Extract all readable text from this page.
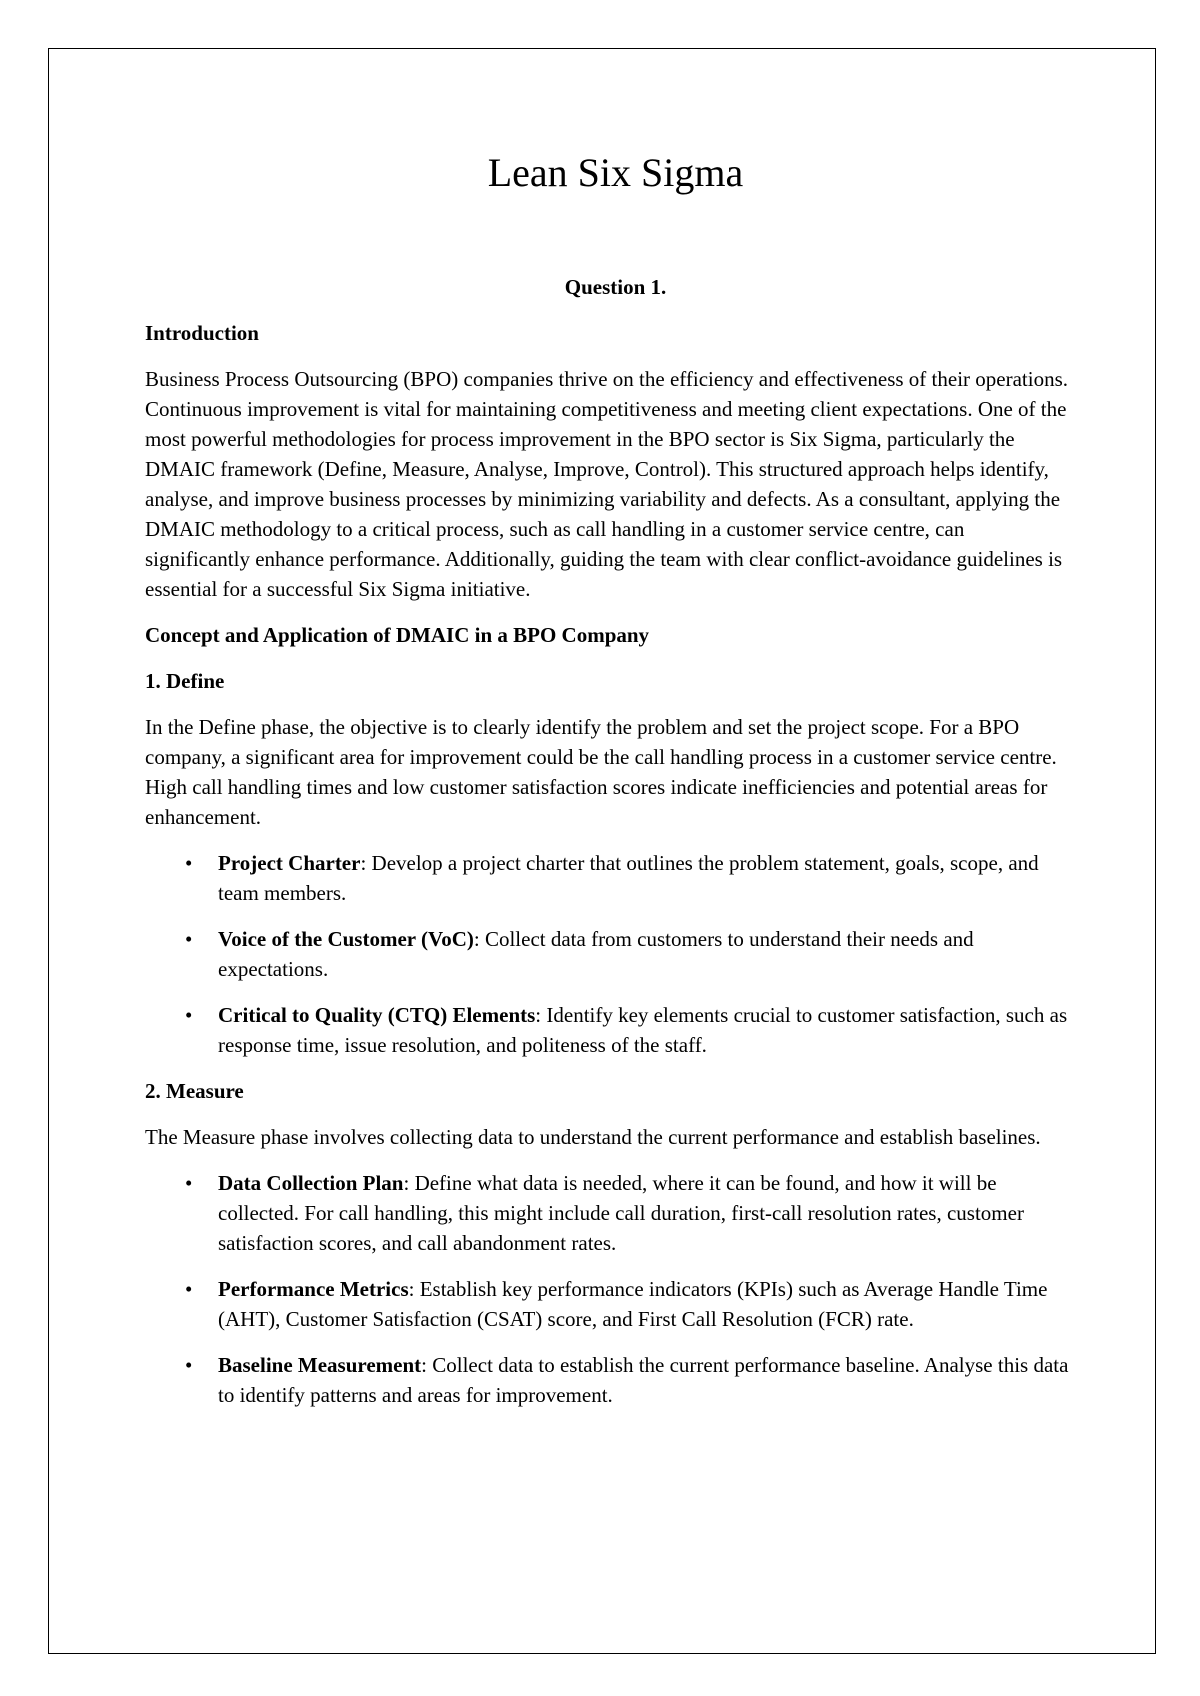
Lean Six Sigma
Question 1.
Introduction
Business Process Outsourcing (BPO) companies thrive on the efficiency and effectiveness of their operations. Continuous improvement is vital for maintaining competitiveness and meeting client expectations. One of the most powerful methodologies for process improvement in the BPO sector is Six Sigma, particularly the DMAIC framework (Define, Measure, Analyse, Improve, Control). This structured approach helps identify, analyse, and improve business processes by minimizing variability and defects. As a consultant, applying the DMAIC methodology to a critical process, such as call handling in a customer service centre, can significantly enhance performance. Additionally, guiding the team with clear conflict-avoidance guidelines is essential for a successful Six Sigma initiative.
Concept and Application of DMAIC in a BPO Company
1. Define
In the Define phase, the objective is to clearly identify the problem and set the project scope. For a BPO company, a significant area for improvement could be the call handling process in a customer service centre. High call handling times and low customer satisfaction scores indicate inefficiencies and potential areas for enhancement.
• Project Charter: Develop a project charter that outlines the problem statement, goals, scope, and team members.
• Voice of the Customer (VoC): Collect data from customers to understand their needs and expectations.
• Critical to Quality (CTQ) Elements: Identify key elements crucial to customer satisfaction, such as response time, issue resolution, and politeness of the staff.
2. Measure
The Measure phase involves collecting data to understand the current performance and establish baselines.
• Data Collection Plan: Define what data is needed, where it can be found, and how it will be collected. For call handling, this might include call duration, first-call resolution rates, customer satisfaction scores, and call abandonment rates.
• Performance Metrics: Establish key performance indicators (KPIs) such as Average Handle Time (AHT), Customer Satisfaction (CSAT) score, and First Call Resolution (FCR) rate.
• Baseline Measurement: Collect data to establish the current performance baseline. Analyse this data to identify patterns and areas for improvement.
